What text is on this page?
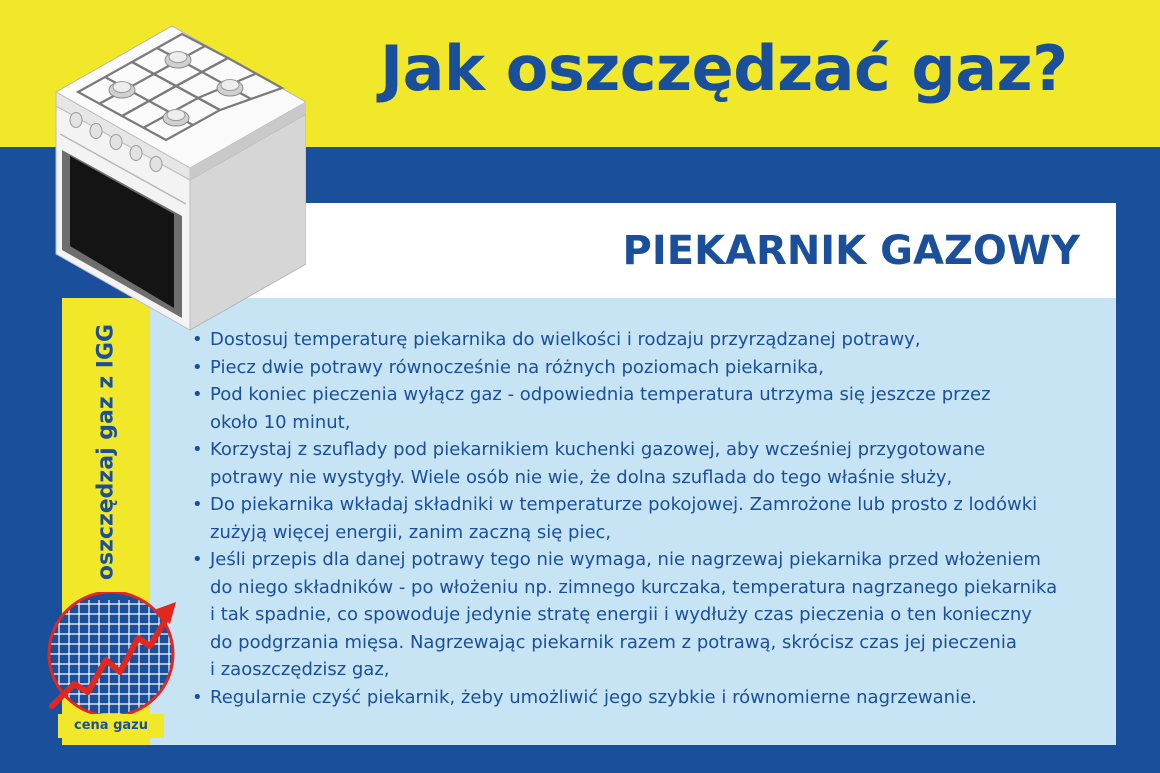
Jak oszczędzać gaz?
PIEKARNIK GAZOWY
• Dostosuj temperaturę piekarnika do wielkości i rodzaju przyrządzanej potrawy,
• Piecz dwie potrawy równocześnie na różnych poziomach piekarnika,
• Pod koniec pieczenia wyłącz gaz - odpowiednia temperatura utrzyma się jeszcze przez
około 10 minut,
• Korzystaj z szuflady pod piekarnikiem kuchenki gazowej, aby wcześniej przygotowane
potrawy nie wystygły. Wiele osób nie wie, że dolna szuflada do tego właśnie służy,
• Do piekarnika wkładaj składniki w temperaturze pokojowej. Zamrożone lub prosto z lodówki
zużyją więcej energii, zanim zaczną się piec,
• Jeśli przepis dla danej potrawy tego nie wymaga, nie nagrzewaj piekarnika przed włożeniem
do niego składników - po włożeniu np. zimnego kurczaka, temperatura nagrzanego piekarnika
i tak spadnie, co spowoduje jedynie stratę energii i wydłuży czas pieczenia o ten konieczny
do podgrzania mięsa. Nagrzewając piekarnik razem z potrawą, skrócisz czas jej pieczenia
i zaoszczędzisz gaz,
• Regularnie czyść piekarnik, żeby umożliwić jego szybkie i równomierne nagrzewanie.
oszczędzaj gaz z IGG
cena gazu
